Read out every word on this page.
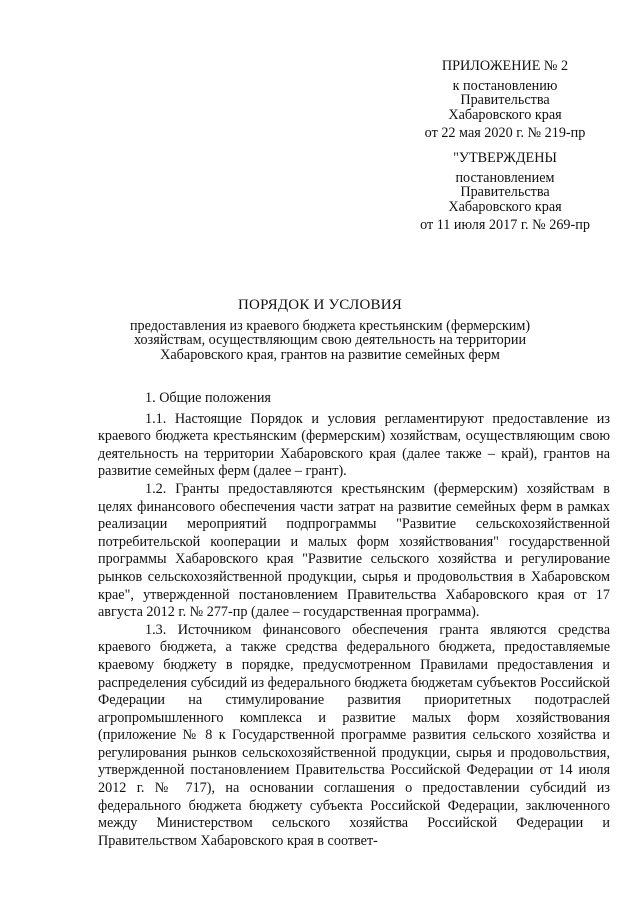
ПРИЛОЖЕНИЕ № 2
к постановлению
Правительства
Хабаровского края
от 22 мая 2020 г. № 219-пр
"УТВЕРЖДЕНЫ
постановлением
Правительства
Хабаровского края
от 11 июля 2017 г. № 269-пр
ПОРЯДОК И УСЛОВИЯ
предоставления из краевого бюджета крестьянским (фермерским) хозяйствам, осуществляющим свою деятельность на территории Хабаровского края, грантов на развитие семейных ферм

1. Общие положения

1.1. Настоящие Порядок и условия регламентируют предоставление из краевого бюджета крестьянским (фермерским) хозяйствам, осуществляющим свою деятельность на территории Хабаровского края (далее также – край), грантов на развитие семейных ферм (далее – грант).

1.2. Гранты предоставляются крестьянским (фермерским) хозяйствам в целях финансового обеспечения части затрат на развитие семейных ферм в рамках реализации мероприятий подпрограммы "Развитие сельскохозяйственной потребительской кооперации и малых форм хозяйствования" государственной программы Хабаровского края "Развитие сельского хозяйства и регулирование рынков сельскохозяйственной продукции, сырья и продовольствия в Хабаровском крае", утвержденной постановлением Правительства Хабаровского края от 17 августа 2012 г. № 277-пр (далее – государственная программа).

1.3. Источником финансового обеспечения гранта являются средства краевого бюджета, а также средства федерального бюджета, предоставляемые краевому бюджету в порядке, предусмотренном Правилами предоставления и распределения субсидий из федерального бюджета бюджетам субъектов Российской Федерации на стимулирование развития приоритетных подотраслей агропромышленного комплекса и развитие малых форм хозяйствования (приложение № 8 к Государственной программе развития сельского хозяйства и регулирования рынков сельскохозяйственной продукции, сырья и продовольствия, утвержденной постановлением Правительства Российской Федерации от 14 июля 2012 г. № 717), на основании соглашения о предоставлении субсидий из федерального бюджета бюджету субъекта Российской Федерации, заключенного между Министерством сельского хозяйства Российской Федерации и Правительством Хабаровского края в соответ-
